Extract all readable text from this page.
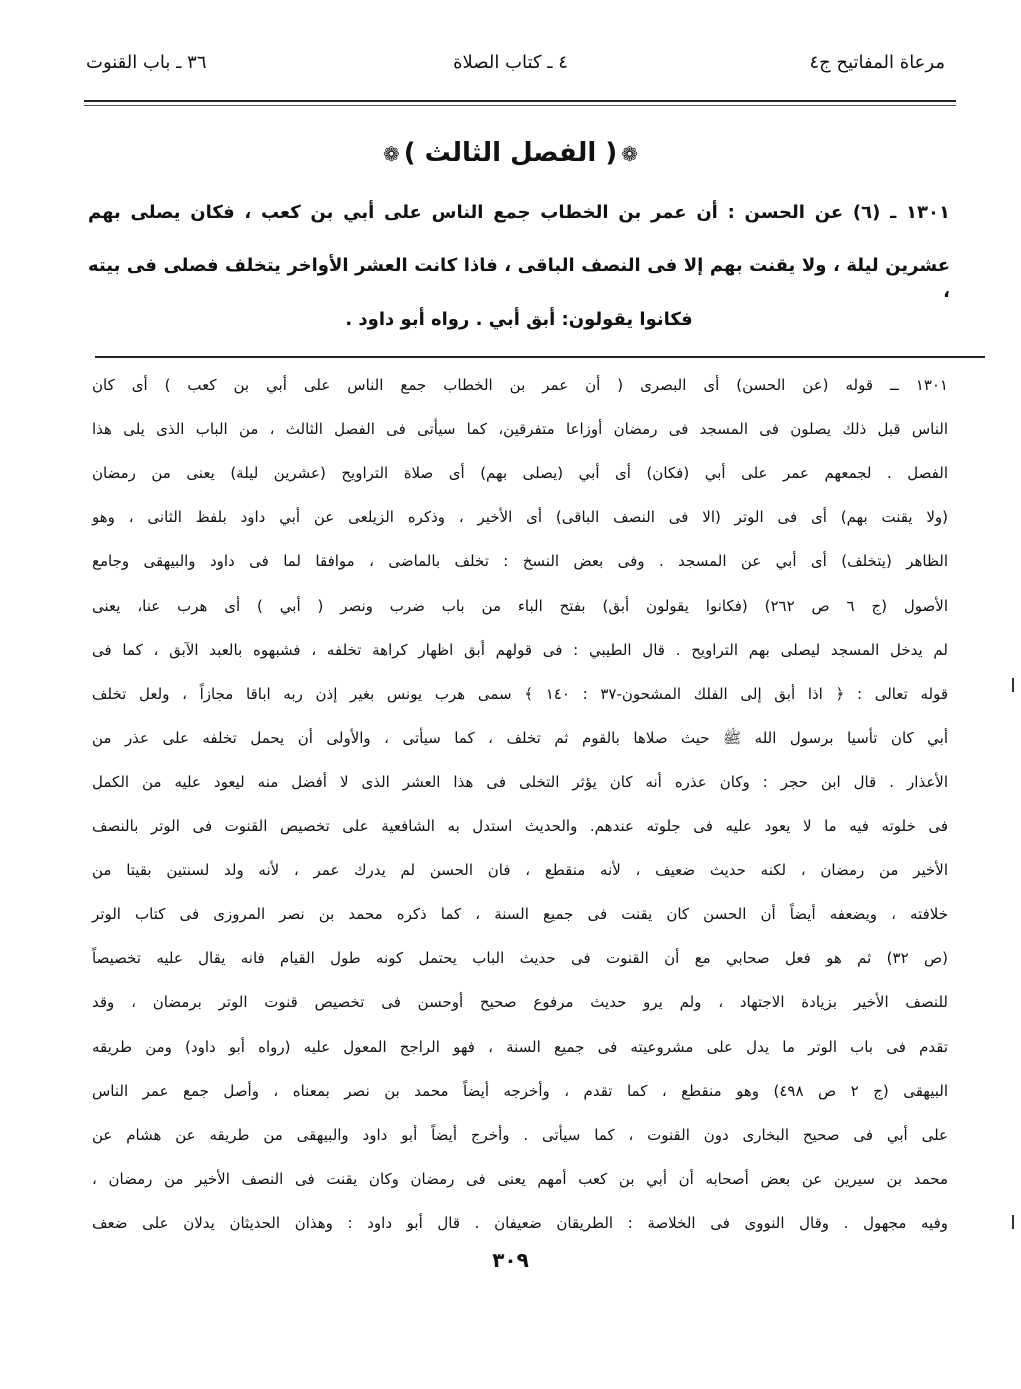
مرعاة المفاتيح ج٤
٤ ـ كتاب الصلاة
٣٦ ـ باب القنوت
❁( الفصل الثالث )❁
١٣٠١ ـ (٦) عن الحسن : أن عمر بن الخطاب جمع الناس على أبي بن كعب ، فكان يصلى بهم
عشرين ليلة ، ولا يقنت بهم إلا فى النصف الباقى ، فاذا كانت العشر الأواخر يتخلف فصلى فى بيته ،
فكانوا يقولون: أبق أبي . رواه أبو داود .
١٣٠١ ــ قوله (عن الحسن) أى البصرى ( أن عمر بن الخطاب جمع الناس على أبي بن كعب ) أى كان
الناس قبل ذلك يصلون فى المسجد فى رمضان أوزاعا متفرقين، كما سيأتى فى الفصل الثالث ، من الباب الذى يلى هذا
الفصل . لجمعهم عمر على أبي (فكان) أى أبي (يصلى بهم) أى صلاة التراويح (عشرين ليلة) يعنى من رمضان
(ولا يقنت بهم) أى فى الوتر (الا فى النصف الباقى) أى الأخير ، وذكره الزيلعى عن أبي داود بلفظ الثانى ، وهو
الظاهر (يتخلف) أى أبي عن المسجد . وفى بعض النسخ : تخلف بالماضى ، موافقا لما فى داود والبيهقى وجامع
الأصول (ج ٦ ص ٢٦٢) (فكانوا يقولون أبق) بفتح الباء من باب ضرب ونصر ( أبي ) أى هرب عنا، يعنى
لم يدخل المسجد ليصلى بهم التراويح . قال الطيبي : فى قولهم أبق اظهار كراهة تخلفه ، فشبهوه بالعبد الآبق ، كما فى
قوله تعالى : ﴿ اذا أبق إلى الفلك المشحون-٣٧ : ١٤٠ ﴾ سمى هرب يونس بغير إذن ربه اباقا مجازاً ، ولعل تخلف
أبي كان تأسيا برسول الله ﷺ حيث صلاها بالقوم ثم تخلف ، كما سيأتى ، والأولى أن يحمل تخلفه على عذر من
الأعذار . قال ابن حجر : وكان عذره أنه كان يؤثر التخلى فى هذا العشر الذى لا أفضل منه ليعود عليه من الكمل
فى خلوته فيه ما لا يعود عليه فى جلوته عندهم. والحديث استدل به الشافعية على تخصيص القنوت فى الوتر بالنصف
الأخير من رمضان ، لكنه حديث ضعيف ، لأنه منقطع ، فان الحسن لم يدرك عمر ، لأنه ولد لسنتين بقيتا من
خلافته ، ويضعفه أيضاً أن الحسن كان يقنت فى جميع السنة ، كما ذكره محمد بن نصر المروزى فى كتاب الوتر
(ص ٣٢) ثم هو فعل صحابي مع أن القنوت فى حديث الباب يحتمل كونه طول القيام فانه يقال عليه تخصيصاً
للنصف الأخير بزيادة الاجتهاد ، ولم يرو حديث مرفوع صحيح أوحسن فى تخصيص قنوت الوتر برمضان ، وقد
تقدم فى باب الوتر ما يدل على مشروعيته فى جميع السنة ، فهو الراجح المعول عليه (رواه أبو داود) ومن طريقه
البيهقى (ج ٢ ص ٤٩٨) وهو منقطع ، كما تقدم ، وأخرجه أيضاً محمد بن نصر بمعناه ، وأصل جمع عمر الناس
على أبي فى صحيح البخارى دون القنوت ، كما سيأتى . وأخرج أيضاً أبو داود والبيهقى من طريقه عن هشام عن
محمد بن سيرين عن بعض أصحابه أن أبي بن كعب أمهم يعنى فى رمضان وكان يقنت فى النصف الأخير من رمضان ،
وفيه مجهول . وقال النووى فى الخلاصة : الطريقان ضعيفان . قال أبو داود : وهذان الحديثان يدلان على ضعف
٣٠٩
